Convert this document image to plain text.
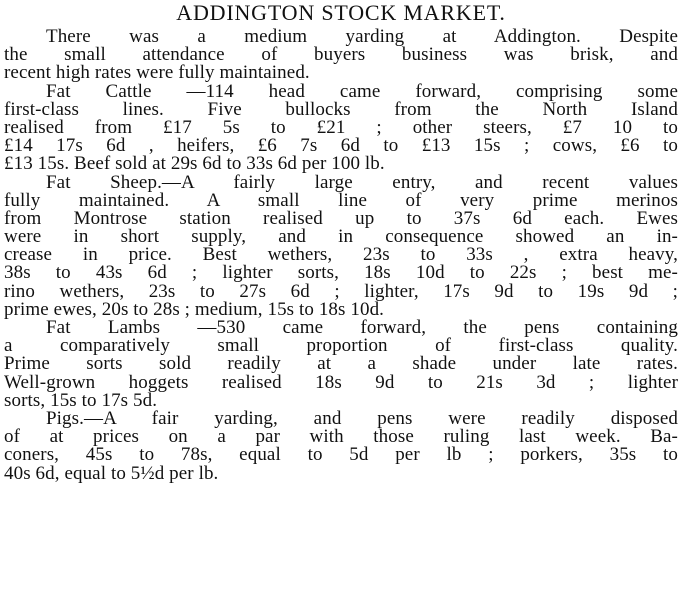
ADDINGTON STOCK MARKET.
There was a medium yarding at Addington. Despite
the small attendance of buyers business was brisk, and
recent high rates were fully maintained.
Fat Cattle —114 head came forward, comprising some
first-class lines. Five bullocks from the North Island
realised from £17 5s to £21 ; other steers, £7 10 to
£14 17s 6d , heifers, £6 7s 6d to £13 15s ; cows, £6 to
£13 15s. Beef sold at 29s 6d to 33s 6d per 100 lb.
Fat Sheep.—A fairly large entry, and recent values
fully maintained. A small line of very prime merinos
from Montrose station realised up to 37s 6d each. Ewes
were in short supply, and in consequence showed an in-
crease in price. Best wethers, 23s to 33s , extra heavy,
38s to 43s 6d ; lighter sorts, 18s 10d to 22s ; best me-
rino wethers, 23s to 27s 6d ; lighter, 17s 9d to 19s 9d ;
prime ewes, 20s to 28s ; medium, 15s to 18s 10d.
Fat Lambs —530 came forward, the pens containing
a comparatively small proportion of first-class quality.
Prime sorts sold readily at a shade under late rates.
Well-grown hoggets realised 18s 9d to 21s 3d ; lighter
sorts, 15s to 17s 5d.
Pigs.—A fair yarding, and pens were readily disposed
of at prices on a par with those ruling last week. Ba-
coners, 45s to 78s, equal to 5d per lb ; porkers, 35s to
40s 6d, equal to 5½d per lb.
